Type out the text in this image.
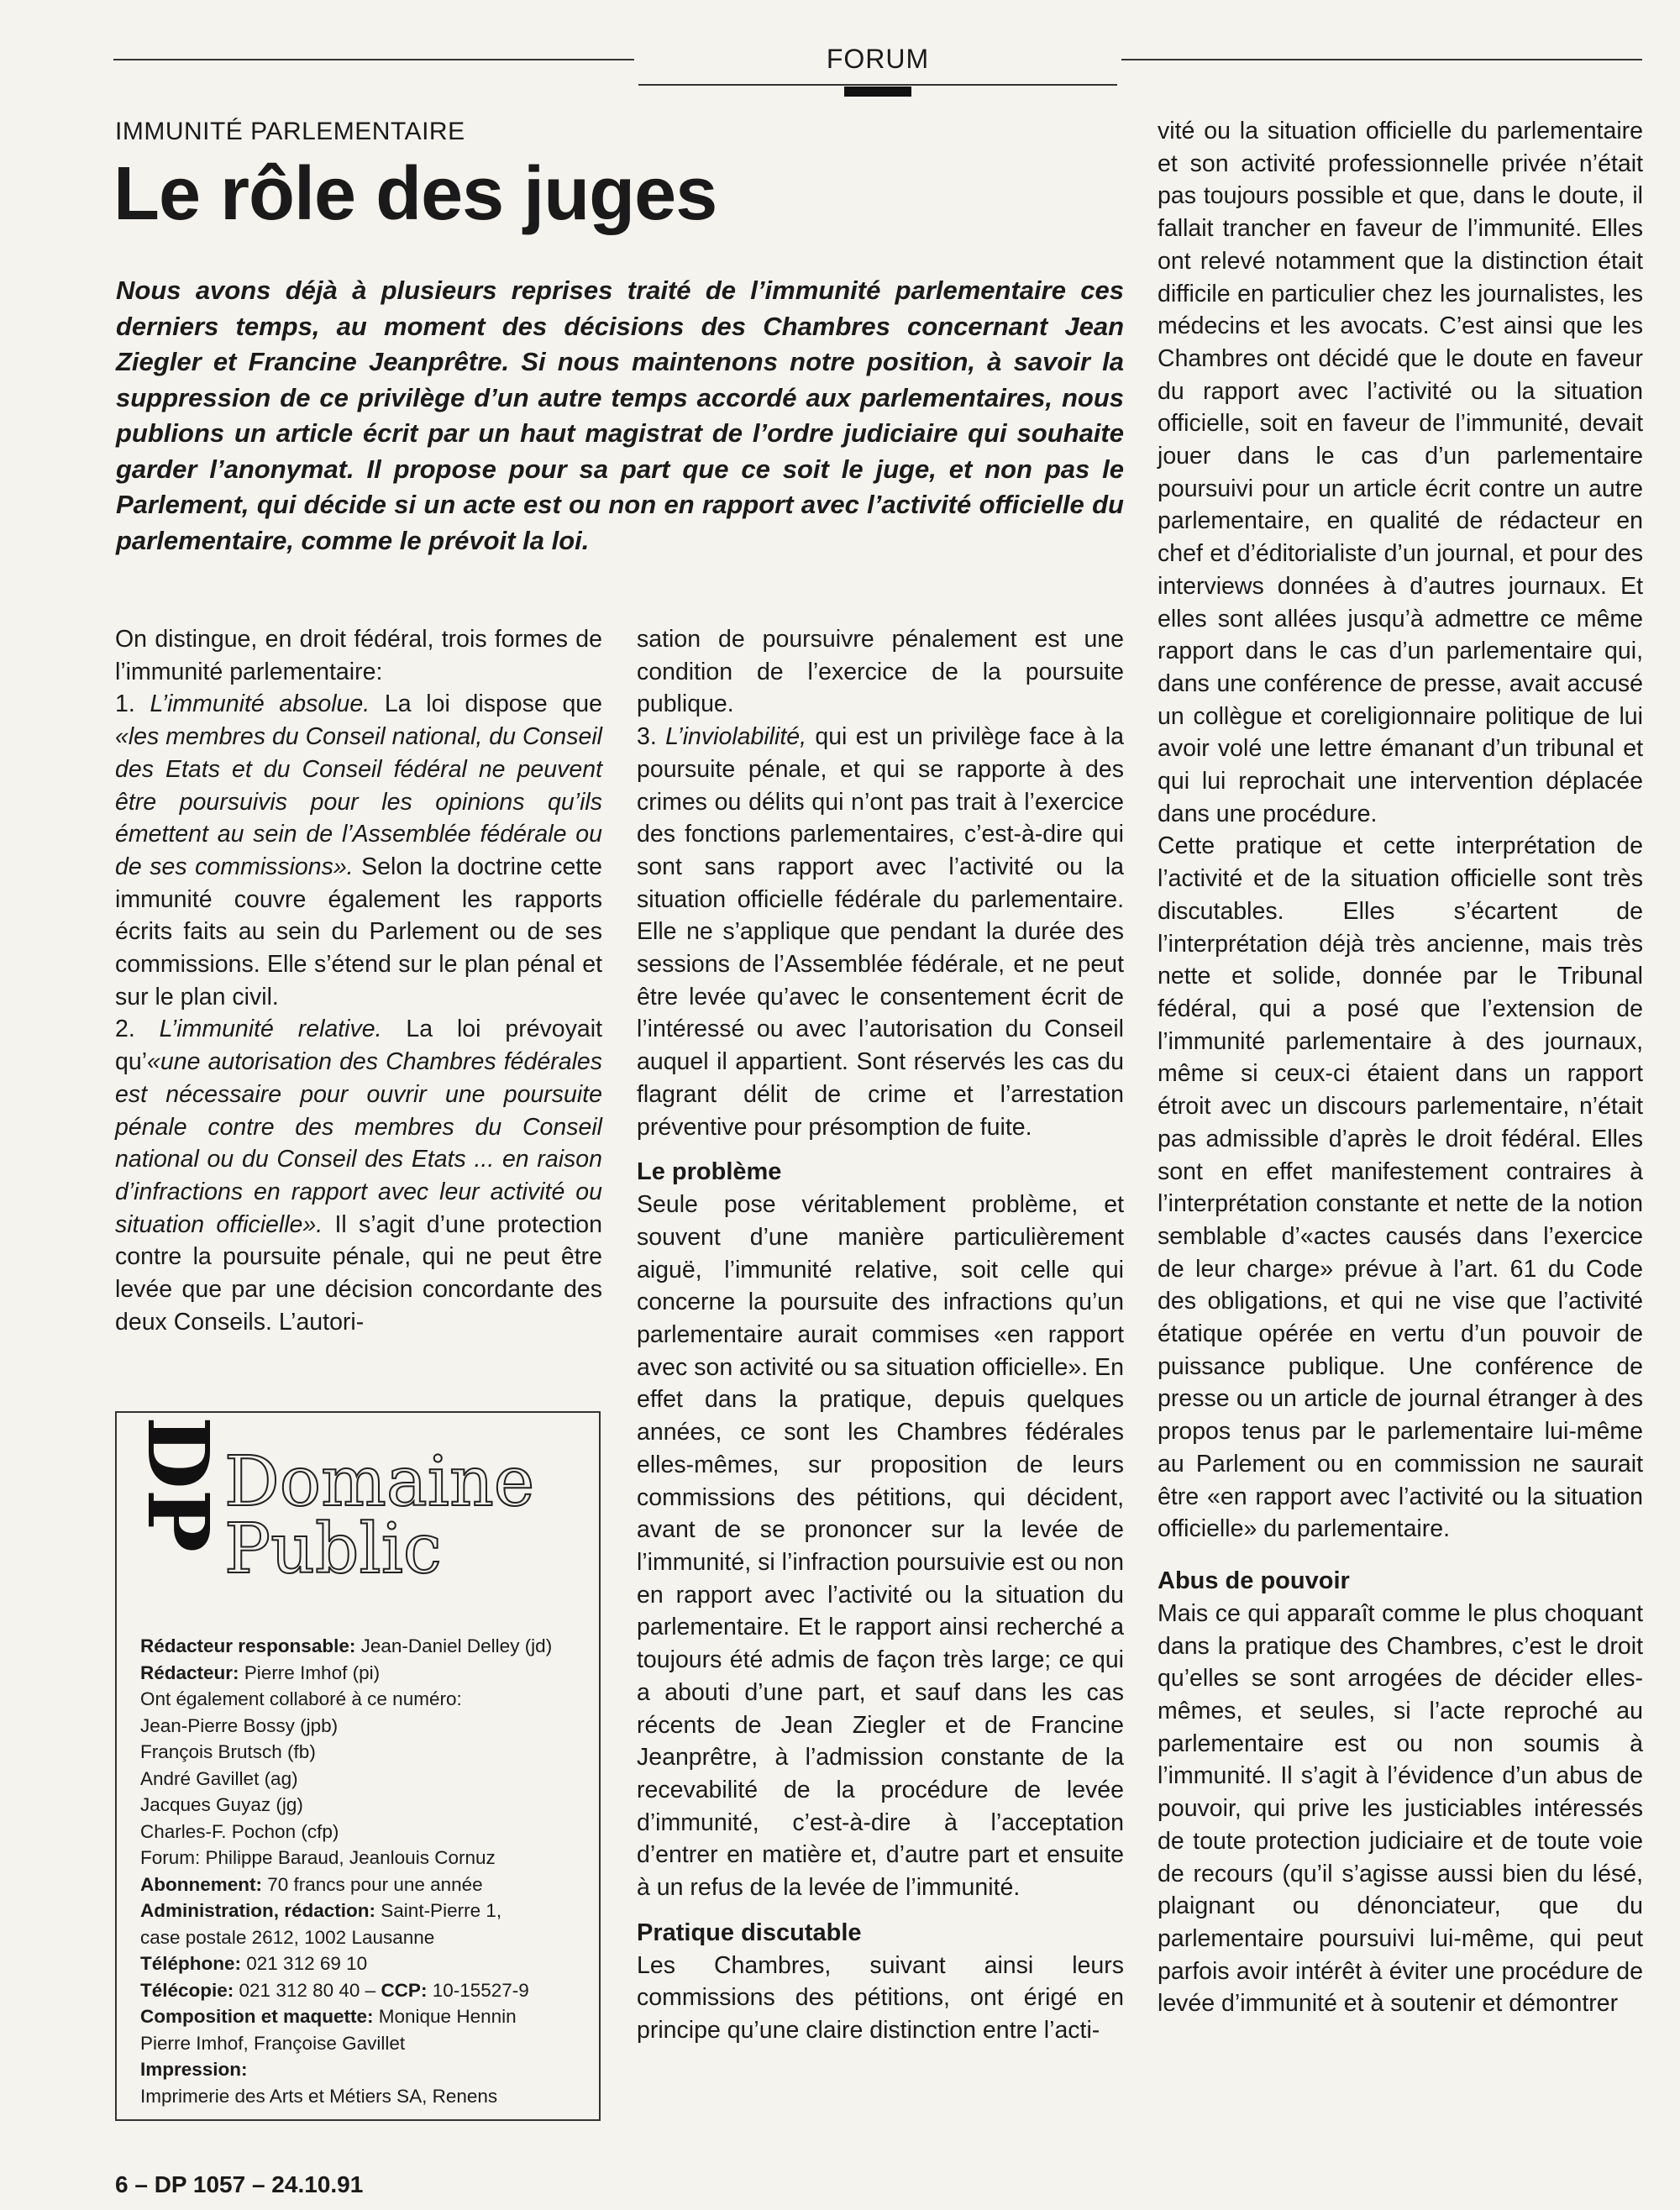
FORUM
IMMUNITÉ PARLEMENTAIRE
Le rôle des juges

Nous avons déjà à plusieurs reprises traité de l’immunité parlementaire ces derniers temps, au moment des décisions des Chambres concernant Jean Ziegler et Francine Jeanprêtre. Si nous maintenons notre position, à savoir la suppression de ce privilège d’un autre temps accordé aux parlementaires, nous publions un article écrit par un haut magistrat de l’ordre judiciaire qui souhaite garder l’anonymat. Il propose pour sa part que ce soit le juge, et non pas le Parlement, qui décide si un acte est ou non en rapport avec l’activité officielle du parlementaire, comme le prévoit la loi.

On distingue, en droit fédéral, trois formes de l’immunité parlementaire:

1. L’immunité absolue. La loi dispose que «les membres du Conseil national, du Conseil des Etats et du Conseil fédéral ne peuvent être poursuivis pour les opinions qu’ils émettent au sein de l’Assemblée fédérale ou de ses commissions». Selon la doctrine cette immunité couvre également les rapports écrits faits au sein du Parlement ou de ses commissions. Elle s’étend sur le plan pénal et sur le plan civil.

2. L’immunité relative. La loi prévoyait qu’«une autorisation des Chambres fédérales est nécessaire pour ouvrir une poursuite pénale contre des membres du Conseil national ou du Conseil des Etats ... en raison d’infractions en rapport avec leur activité ou situation officielle». Il s’agit d’une protection contre la poursuite pénale, qui ne peut être levée que par une décision concordante des deux Conseils. L’autori-

sation de poursuivre pénalement est une condition de l’exercice de la poursuite publique.

3. L’inviolabilité, qui est un privilège face à la poursuite pénale, et qui se rapporte à des crimes ou délits qui n’ont pas trait à l’exercice des fonctions parlementaires, c’est-à-dire qui sont sans rapport avec l’activité ou la situation officielle fédérale du parlementaire. Elle ne s’applique que pendant la durée des sessions de l’Assemblée fédérale, et ne peut être levée qu’avec le consentement écrit de l’intéressé ou avec l’autorisation du Conseil auquel il appartient. Sont réservés les cas du flagrant délit de crime et l’arrestation préventive pour présomption de fuite.

Le problème

Seule pose véritablement problème, et souvent d’une manière particulièrement aiguë, l’immunité relative, soit celle qui concerne la poursuite des infractions qu’un parlementaire aurait commises «en rapport avec son activité ou sa situation officielle». En effet dans la pratique, depuis quelques années, ce sont les Chambres fédérales elles-mêmes, sur proposition de leurs commissions des pétitions, qui décident, avant de se prononcer sur la levée de l’immunité, si l’infraction poursuivie est ou non en rapport avec l’activité ou la situation du parlementaire. Et le rapport ainsi recherché a toujours été admis de façon très large; ce qui a abouti d’une part, et sauf dans les cas récents de Jean Ziegler et de Francine Jeanprêtre, à l’admission constante de la recevabilité de la procédure de levée d’immunité, c’est-à-dire à l’acceptation d’entrer en matière et, d’autre part et ensuite à un refus de la levée de l’immunité.

Pratique discutable

Les Chambres, suivant ainsi leurs commissions des pétitions, ont érigé en principe qu’une claire distinction entre l’acti-

vité ou la situation officielle du parlementaire et son activité professionnelle privée n’était pas toujours possible et que, dans le doute, il fallait trancher en faveur de l’immunité. Elles ont relevé notamment que la distinction était difficile en particulier chez les journalistes, les médecins et les avocats. C’est ainsi que les Chambres ont décidé que le doute en faveur du rapport avec l’activité ou la situation officielle, soit en faveur de l’immunité, devait jouer dans le cas d’un parlementaire poursuivi pour un article écrit contre un autre parlementaire, en qualité de rédacteur en chef et d’éditorialiste d’un journal, et pour des interviews données à d’autres journaux. Et elles sont allées jusqu’à admettre ce même rapport dans le cas d’un parlementaire qui, dans une conférence de presse, avait accusé un collègue et coreligionnaire politique de lui avoir volé une lettre émanant d’un tribunal et qui lui reprochait une intervention déplacée dans une procédure.

Cette pratique et cette interprétation de l’activité et de la situation officielle sont très discutables. Elles s’écartent de l’interprétation déjà très ancienne, mais très nette et solide, donnée par le Tribunal fédéral, qui a posé que l’extension de l’immunité parlementaire à des journaux, même si ceux-ci étaient dans un rapport étroit avec un discours parlementaire, n’était pas admissible d’après le droit fédéral. Elles sont en effet manifestement contraires à l’interprétation constante et nette de la notion semblable d’«actes causés dans l’exercice de leur charge» prévue à l’art. 61 du Code des obligations, et qui ne vise que l’activité étatique opérée en vertu d’un pouvoir de puissance publique. Une conférence de presse ou un article de journal étranger à des propos tenus par le parlementaire lui-même au Parlement ou en commission ne saurait être «en rapport avec l’activité ou la situation officielle» du parlementaire.

Abus de pouvoir

Mais ce qui apparaît comme le plus choquant dans la pratique des Chambres, c’est le droit qu’elles se sont arrogées de décider elles-mêmes, et seules, si l’acte reproché au parlementaire est ou non soumis à l’immunité. Il s’agit à l’évidence d’un abus de pouvoir, qui prive les justiciables intéressés de toute protection judiciaire et de toute voie de recours (qu’il s’agisse aussi bien du lésé, plaignant ou dénonciateur, que du parlementaire poursuivi lui-même, qui peut parfois avoir intérêt à éviter une procédure de levée d’immunité et à soutenir et démontrer

DP
Domaine
Public
Rédacteur responsable: Jean-Daniel Delley (jd)
Rédacteur: Pierre Imhof (pi)
Ont également collaboré à ce numéro:
Jean-Pierre Bossy (jpb)
François Brutsch (fb)
André Gavillet (ag)
Jacques Guyaz (jg)
Charles-F. Pochon (cfp)
Forum: Philippe Baraud, Jeanlouis Cornuz
Abonnement: 70 francs pour une année
Administration, rédaction: Saint-Pierre 1,
case postale 2612, 1002 Lausanne
Téléphone: 021 312 69 10
Télécopie: 021 312 80 40 – CCP: 10-15527-9
Composition et maquette: Monique Hennin
Pierre Imhof, Françoise Gavillet
Impression:
Imprimerie des Arts et Métiers SA, Renens
6 – DP 1057 – 24.10.91
